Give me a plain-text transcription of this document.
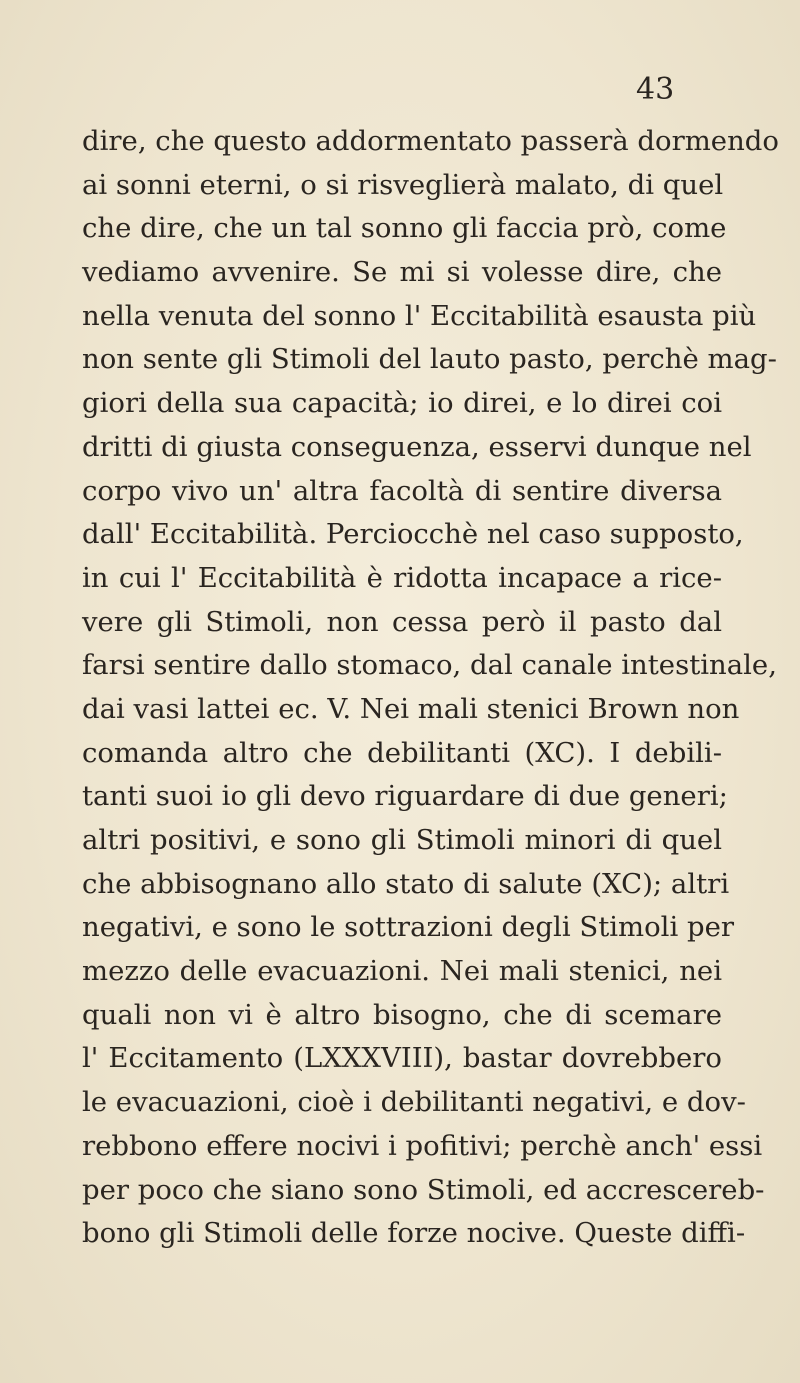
43
dire, che questo addormentato passerà dormendo
ai sonni eterni, o si risveglierà malato, di quel
che dire, che un tal sonno gli faccia prò, come
vediamo avvenire. Se mi si volesse dire, che
nella venuta del sonno l' Eccitabilità esausta più
non sente gli Stimoli del lauto pasto, perchè mag-
giori della sua capacità; io direi, e lo direi coi
dritti di giusta conseguenza, esservi dunque nel
corpo vivo un' altra facoltà di sentire diversa
dall' Eccitabilità. Perciocchè nel caso supposto,
in cui l' Eccitabilità è ridotta incapace a rice-
vere gli Stimoli, non cessa però il pasto dal
farsi sentire dallo stomaco, dal canale intestinale,
dai vasi lattei ec. V. Nei mali stenici Brown non
comanda altro che debilitanti (XC). I debili-
tanti suoi io gli devo riguardare di due generi;
altri positivi, e sono gli Stimoli minori di quel
che abbisognano allo stato di salute (XC); altri
negativi, e sono le sottrazioni degli Stimoli per
mezzo delle evacuazioni. Nei mali stenici, nei
quali non vi è altro bisogno, che di scemare
l' Eccitamento (LXXXVIII), bastar dovrebbero
le evacuazioni, cioè i debilitanti negativi, e dov-
rebbono effere nocivi i pofitivi; perchè anch' essi
per poco che siano sono Stimoli, ed accrescereb-
bono gli Stimoli delle forze nocive. Queste diffi-
